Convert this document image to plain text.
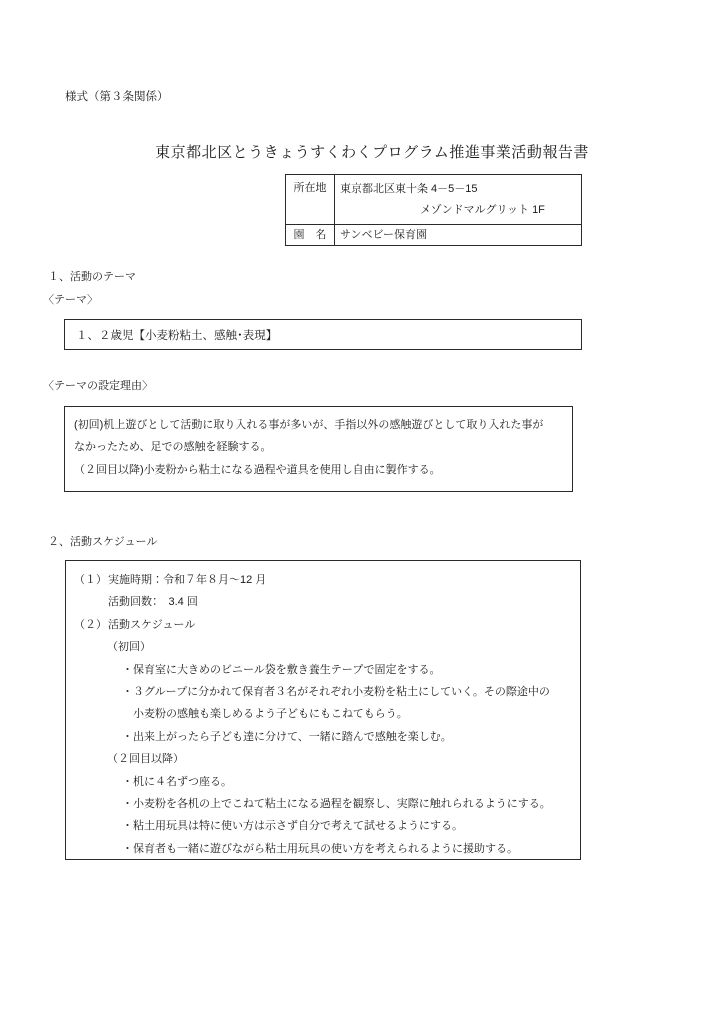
様式（第３条関係）
東京都北区とうきょうすくわくプログラム推進事業活動報告書
所在地	東京都北区東十条 4－5－15
メゾンドマルグリット 1F

園　名	サンベビー保育園
１、活動のテーマ
〈テーマ〉
１、２歳児【小麦粉粘土、感触･表現】
〈テーマの設定理由〉
(初回)机上遊びとして活動に取り入れる事が多いが、手指以外の感触遊びとして取り入れた事が
なかったため、足での感触を経験する。
（２回目以降)小麦粉から粘土になる過程や道具を使用し自由に製作する。
２、活動スケジュール
（１） 実施時期：令和７年８月～12 月
活動回数：　3.4 回
（２） 活動スケジュール
（初回）
・保育室に大きめのビニール袋を敷き養生テープで固定をする。
・３グループに分かれて保育者３名がそれぞれ小麦粉を粘土にしていく。その際途中の
小麦粉の感触も楽しめるよう子どもにもこねてもらう。
・出来上がったら子ども達に分けて、一緒に踏んで感触を楽しむ。
（２回目以降）
・机に４名ずつ座る。
・小麦粉を各机の上でこねて粘土になる過程を観察し、実際に触れられるようにする。
・粘土用玩具は特に使い方は示さず自分で考えて試せるようにする。
・保育者も一緒に遊びながら粘土用玩具の使い方を考えられるように援助する。
